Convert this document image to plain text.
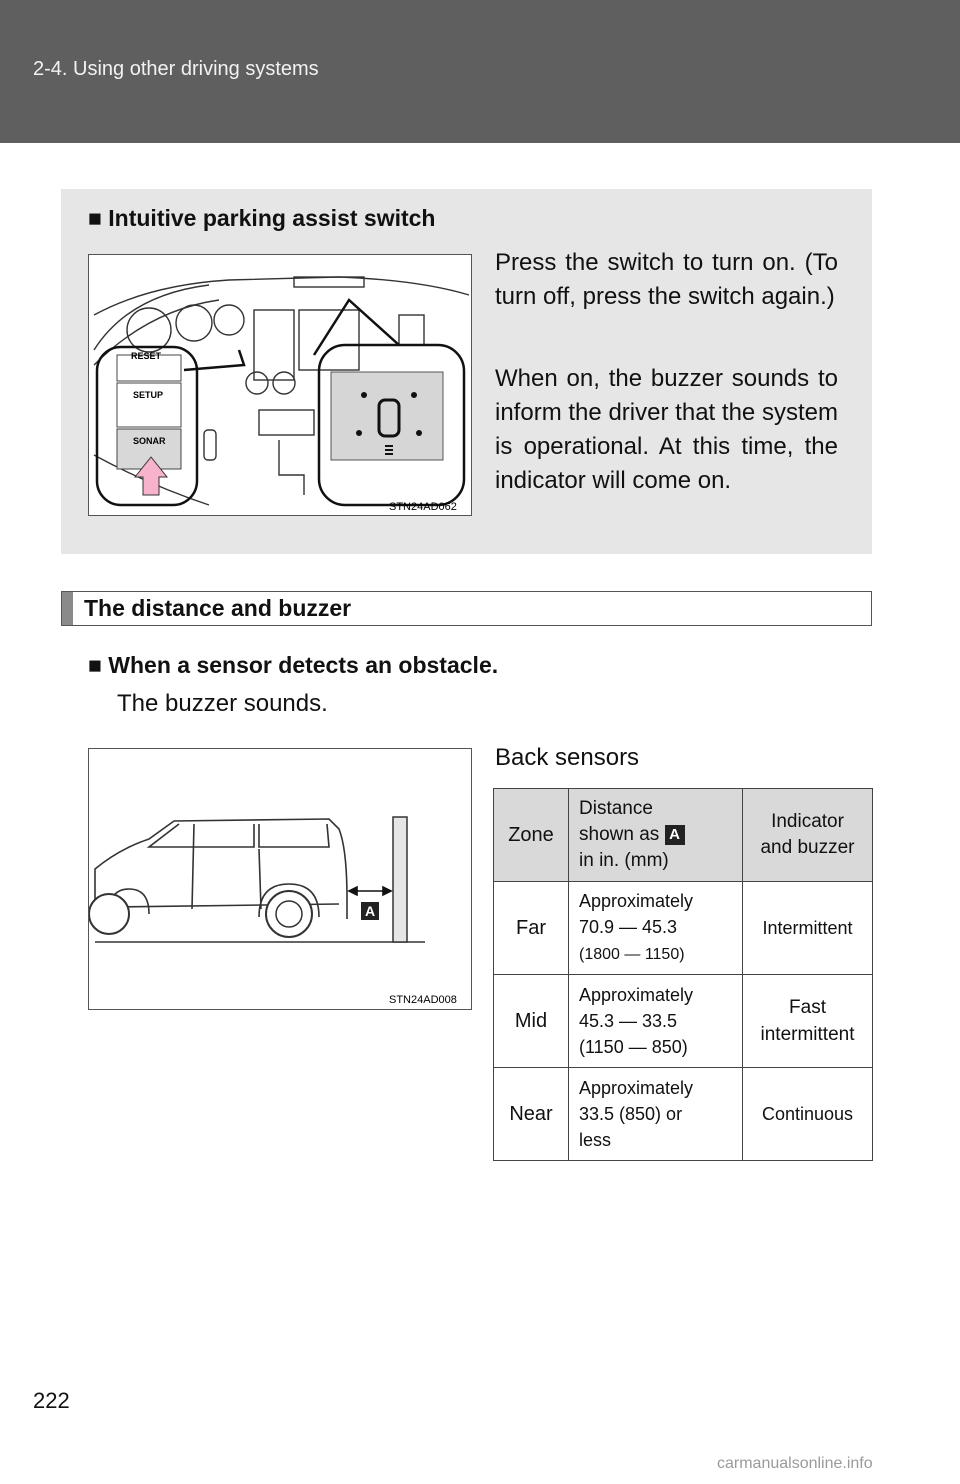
2-4. Using other driving systems
■ Intuitive parking assist switch
RESET
SETUP
SONAR
STN24AD062
Press the switch to turn on. (To turn off, press the switch again.)
When on, the buzzer sounds to inform the driver that the system is operational. At this time, the indicator will come on.
The distance and buzzer
■ When a sensor detects an obstacle.
The buzzer sounds.
A
STN24AD008
Back sensors
Zone	Distance
shown as A
in in. (mm)	Indicator and buzzer
Far	Approximately
70.9 — 45.3
(1800 — 1150)	Intermittent
Mid	Approximately
45.3 — 33.5
(1150 — 850)	Fast intermittent
Near	Approximately
33.5 (850) or
less	Continuous
222
carmanualsonline.info
